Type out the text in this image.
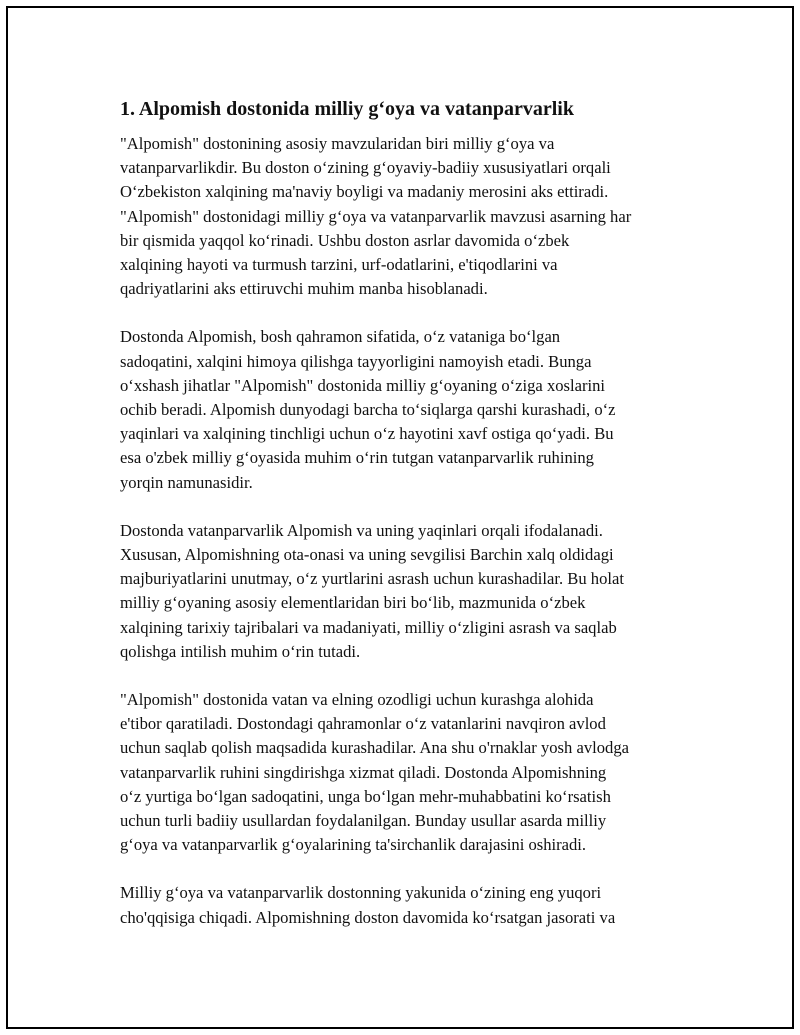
1. Alpomish dostonida milliy g‘oya va vatanparvarlik
"Alpomish" dostonining asosiy mavzularidan biri milliy g‘oya va
vatanparvarlikdir. Bu doston o‘zining g‘oyaviy-badiiy xususiyatlari orqali
O‘zbekiston xalqining ma'naviy boyligi va madaniy merosini aks ettiradi.
"Alpomish" dostonidagi milliy g‘oya va vatanparvarlik mavzusi asarning har
bir qismida yaqqol ko‘rinadi. Ushbu doston asrlar davomida o‘zbek
xalqining hayoti va turmush tarzini, urf-odatlarini, e'tiqodlarini va
qadriyatlarini aks ettiruvchi muhim manba hisoblanadi.
Dostonda Alpomish, bosh qahramon sifatida, o‘z vataniga bo‘lgan
sadoqatini, xalqini himoya qilishga tayyorligini namoyish etadi. Bunga
o‘xshash jihatlar "Alpomish" dostonida milliy g‘oyaning o‘ziga xoslarini
ochib beradi. Alpomish dunyodagi barcha to‘siqlarga qarshi kurashadi, o‘z
yaqinlari va xalqining tinchligi uchun o‘z hayotini xavf ostiga qo‘yadi. Bu
esa o'zbek milliy g‘oyasida muhim o‘rin tutgan vatanparvarlik ruhining
yorqin namunasidir.
Dostonda vatanparvarlik Alpomish va uning yaqinlari orqali ifodalanadi.
Xususan, Alpomishning ota-onasi va uning sevgilisi Barchin xalq oldidagi
majburiyatlarini unutmay, o‘z yurtlarini asrash uchun kurashadilar. Bu holat
milliy g‘oyaning asosiy elementlaridan biri bo‘lib, mazmunida o‘zbek
xalqining tarixiy tajribalari va madaniyati, milliy o‘zligini asrash va saqlab
qolishga intilish muhim o‘rin tutadi.
"Alpomish" dostonida vatan va elning ozodligi uchun kurashga alohida
e'tibor qaratiladi. Dostondagi qahramonlar o‘z vatanlarini navqiron avlod
uchun saqlab qolish maqsadida kurashadilar. Ana shu o'rnaklar yosh avlodga
vatanparvarlik ruhini singdirishga xizmat qiladi. Dostonda Alpomishning
o‘z yurtiga bo‘lgan sadoqatini, unga bo‘lgan mehr-muhabbatini ko‘rsatish
uchun turli badiiy usullardan foydalanilgan. Bunday usullar asarda milliy
g‘oya va vatanparvarlik g‘oyalarining ta'sirchanlik darajasini oshiradi.
Milliy g‘oya va vatanparvarlik dostonning yakunida o‘zining eng yuqori
cho'qqisiga chiqadi. Alpomishning doston davomida ko‘rsatgan jasorati va
